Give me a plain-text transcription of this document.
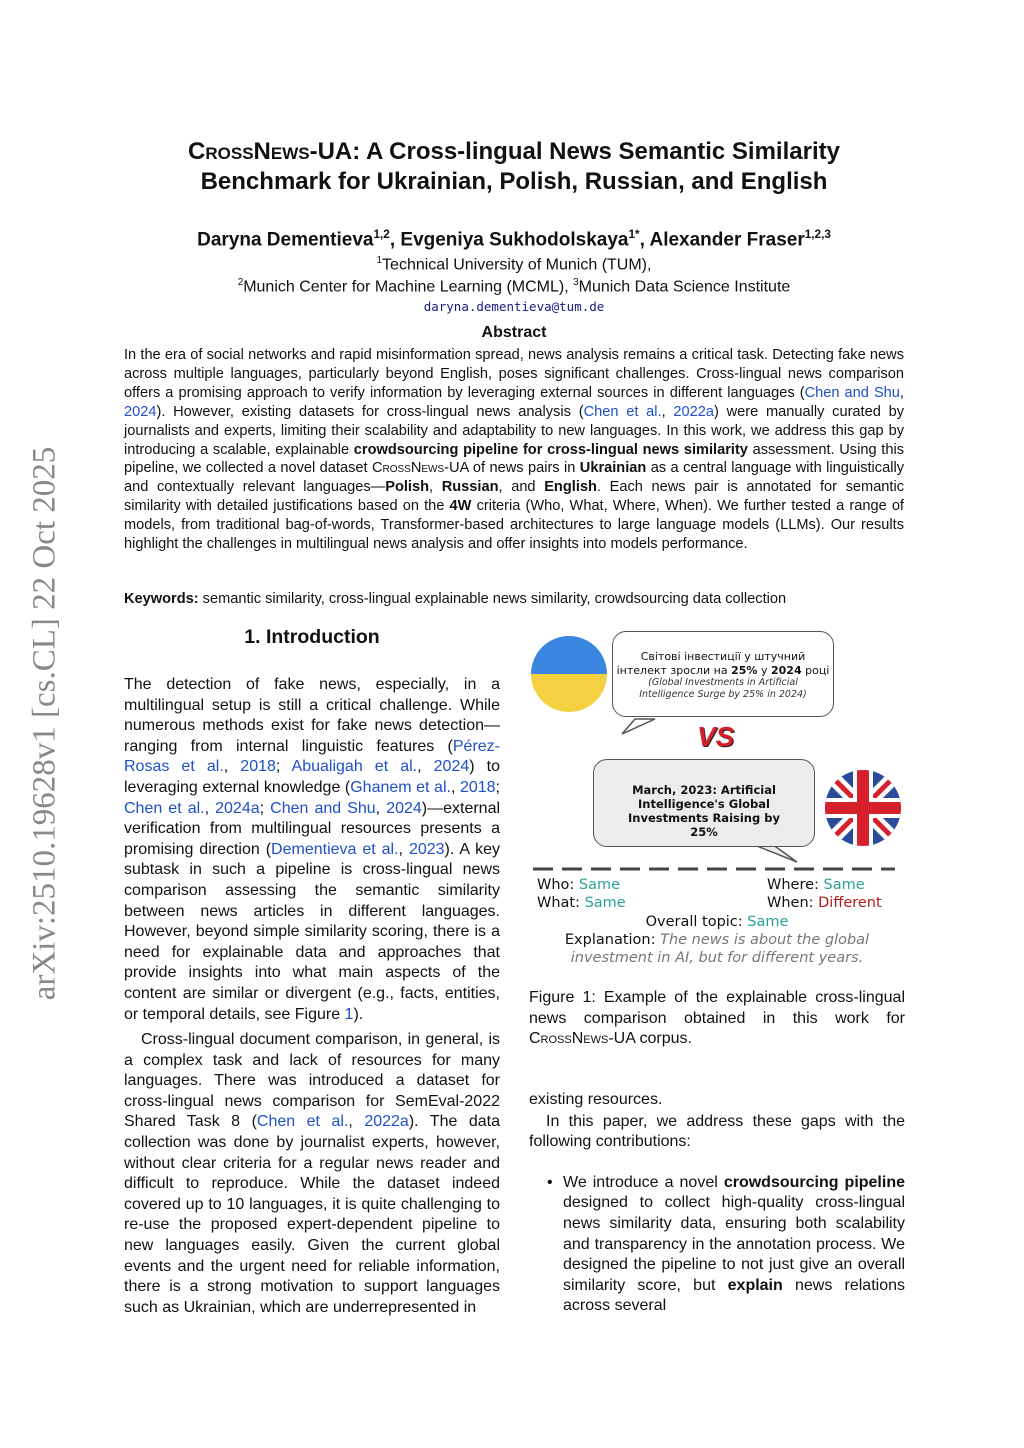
arXiv:2510.19628v1 [cs.CL] 22 Oct 2025
CrossNews-UA: A Cross-lingual News Semantic Similarity
Benchmark for Ukrainian, Polish, Russian, and English
Daryna Dementieva$^{1,2}$, Evgeniya Sukhodolskaya$^{1*}$, Alexander Fraser$^{1,2,3}$
$^1$Technical University of Munich (TUM),
$^2$Munich Center for Machine Learning (MCML), $^3$Munich Data Science Institute
daryna.dementieva@tum.de
Abstract
In the era of social networks and rapid misinformation spread, news analysis remains a critical task. Detecting fake news across multiple languages, particularly beyond English, poses significant challenges. Cross-lingual news comparison offers a promising approach to verify information by leveraging external sources in different languages (Chen and Shu, 2024). However, existing datasets for cross-lingual news analysis (Chen et al., 2022a) were manually curated by journalists and experts, limiting their scalability and adaptability to new languages. In this work, we address this gap by introducing a scalable, explainable crowdsourcing pipeline for cross-lingual news similarity assessment. Using this pipeline, we collected a novel dataset CrossNews-UA of news pairs in Ukrainian as a central language with linguistically and contextually relevant languages—Polish, Russian, and English. Each news pair is annotated for semantic similarity with detailed justifications based on the 4W criteria (Who, What, Where, When). We further tested a range of models, from traditional bag-of-words, Transformer-based architectures to large language models (LLMs). Our results highlight the challenges in multilingual news analysis and offer insights into models performance.
Keywords: semantic similarity, cross-lingual explainable news similarity, crowdsourcing data collection
1. Introduction

The detection of fake news, especially, in a multilingual setup is still a critical challenge. While numerous methods exist for fake news detection—ranging from internal linguistic features (Pérez-Rosas et al., 2018; Abualigah et al., 2024) to leveraging external knowledge (Ghanem et al., 2018; Chen et al., 2024a; Chen and Shu, 2024)—external verification from multilingual resources presents a promising direction (Dementieva et al., 2023). A key subtask in such a pipeline is cross-lingual news comparison assessing the semantic similarity between news articles in different languages. However, beyond simple similarity scoring, there is a need for explainable data and approaches that provide insights into what main aspects of the content are similar or divergent (e.g., facts, entities, or temporal details, see Figure 1).

Cross-lingual document comparison, in general, is a complex task and lack of resources for many languages. There was introduced a dataset for cross-lingual news comparison for SemEval-2022 Shared Task 8 (Chen et al., 2022a). The data collection was done by journalist experts, however, without clear criteria for a regular news reader and difficult to reproduce. While the dataset indeed covered up to 10 languages, it is quite challenging to re-use the proposed expert-dependent pipeline to new languages easily. Given the current global events and the urgent need for reliable information, there is a strong motivation to support languages such as Ukrainian, which are underrepresented in

Світові інвестиції у штучний
інтелект зросли на 25% у 2024 році
(Global Investments in Artificial Intelligence Surge by 25% in 2024)
VS
March, 2023: Artificial Intelligence's Global Investments Raising by 25%
Who: Same	Where: Same
What: Same	When: Different
Overall topic: Same
Explanation: The news is about the global investment in AI, but for different years.
Figure 1: Example of the explainable cross-lingual news comparison obtained in this work for CrossNews-UA corpus.

existing resources.

In this paper, we address these gaps with the following contributions:

• We introduce a novel crowdsourcing pipeline designed to collect high-quality cross-lingual news similarity data, ensuring both scalability and transparency in the annotation process. We designed the pipeline to not just give an overall similarity score, but explain news relations across several
